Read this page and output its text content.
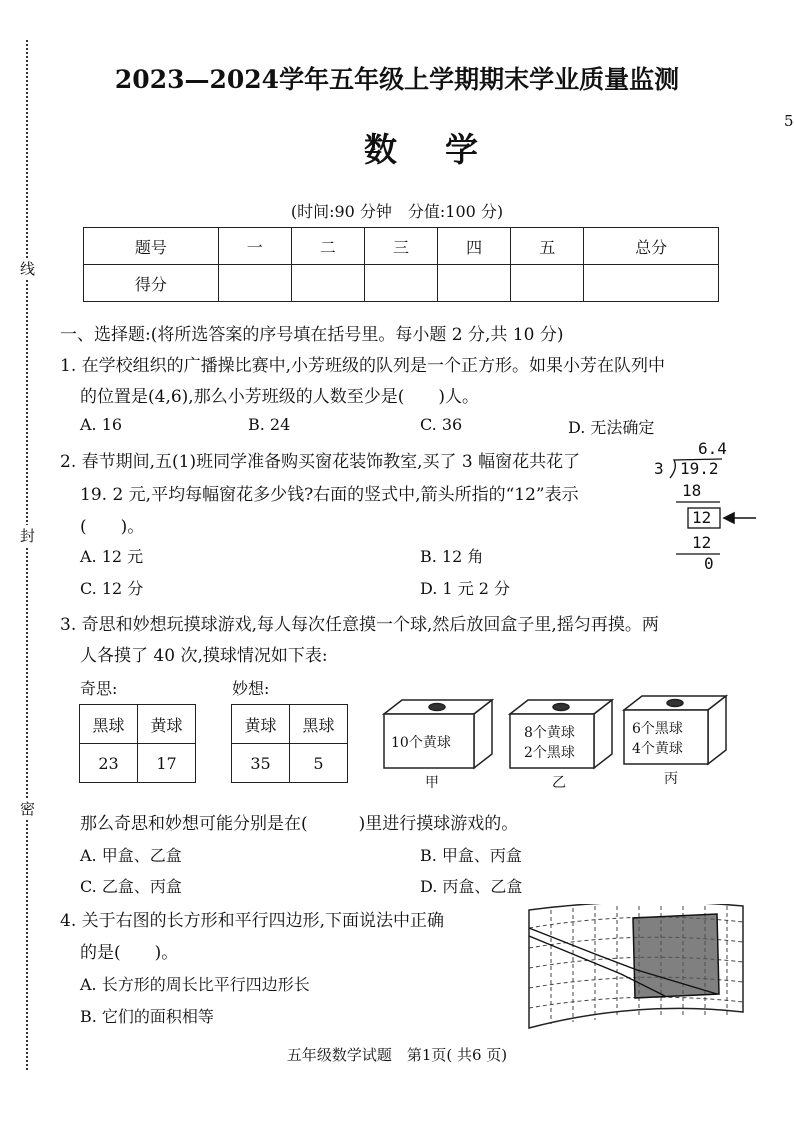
线
封
密
5
2023—2024学年五年级上学期期末学业质量监测
数学
(时间:90 分钟　分值:100 分)
题号	一	二	三	四	五	总分
得分						
一、选择题:(将所选答案的序号填在括号里。每小题 2 分,共 10 分)
1. 在学校组织的广播操比赛中,小芳班级的队列是一个正方形。如果小芳在队列中
的位置是(4,6),那么小芳班级的人数至少是(　　)人。
A. 16	B. 24	C. 36	D. 无法确定
2. 春节期间,五(1)班同学准备购买窗花装饰教室,买了 3 幅窗花共花了
19. 2 元,平均每幅窗花多少钱?右面的竖式中,箭头所指的“12”表示
(　　)。
A. 12 元	B. 12 角
C. 12 分	D. 1 元 2 分
6.4
3 19.2
18
12
12
0
3. 奇思和妙想玩摸球游戏,每人每次任意摸一个球,然后放回盒子里,摇匀再摸。两
人各摸了 40 次,摸球情况如下表:
奇思:	妙想:
黑球	黄球
23	17
黄球	黑球
35	5
10个黄球
8个黄球
2个黑球
6个黑球
4个黄球
甲	乙	丙
那么奇思和妙想可能分别是在(　　　)里进行摸球游戏的。
A. 甲盒、乙盒	B. 甲盒、丙盒
C. 乙盒、丙盒	D. 丙盒、乙盒
4. 关于右图的长方形和平行四边形,下面说法中正确
的是(　　)。
A. 长方形的周长比平行四边形长
B. 它们的面积相等
五年级数学试题　第1页( 共6 页)
